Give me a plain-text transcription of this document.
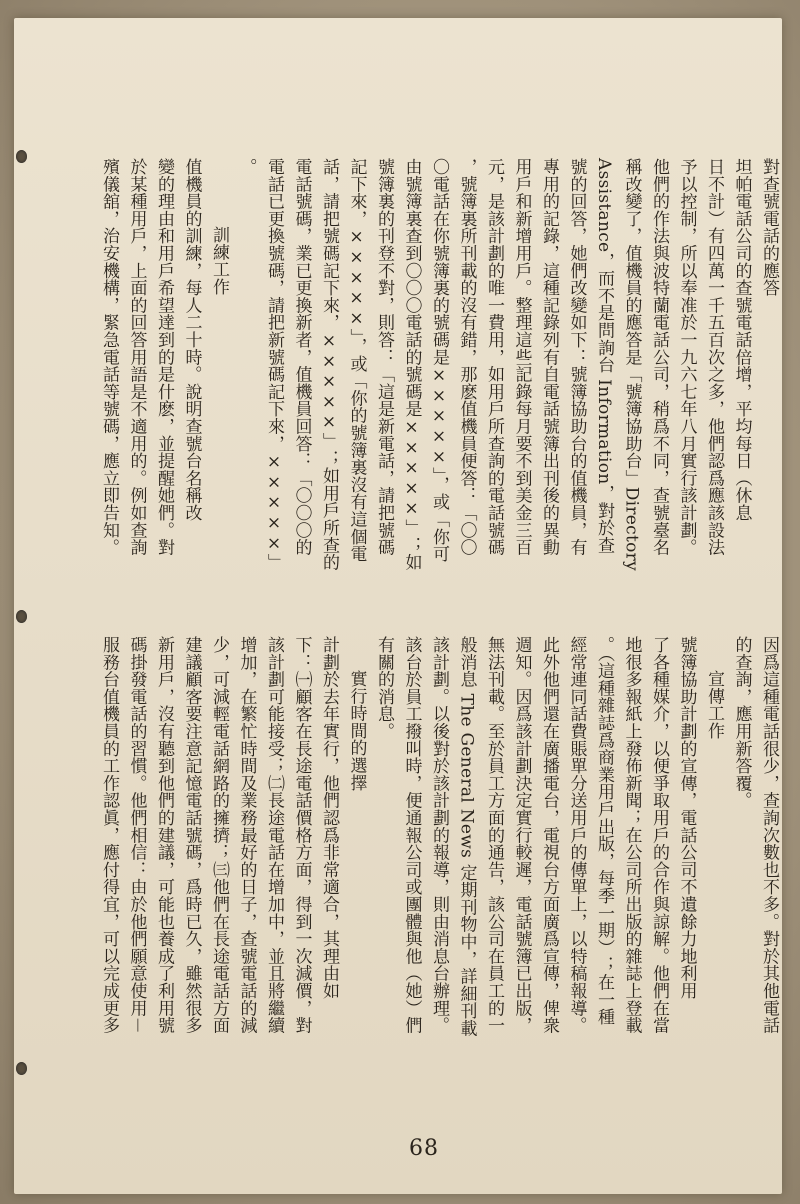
對查號電話的應答
坦帕電話公司的查號電話倍增，平均每日（休息
日不計）有四萬一千五百次之多，他們認爲應該設法
予以控制，所以奉准於一九六七年八月實行該計劃。
他們的作法與波特蘭電話公司，稍爲不同，查號臺名
稱改變了，值機員的應答是「號簿協助台」Directory
Assistance，而不是問詢台 Information，對於查
號的回答，她們改變如下：號簿協助台的值機員，有
專用的記錄，這種記錄列有自電話號簿出刊後的異動
用戶和新增用戶。整理這些記錄每月要不到美金三百
元，是該計劃的唯一費用，如用戶所查詢的電話號碼
，號簿裏所刊載的沒有錯，那麽值機員便答：「〇〇
〇電話在你號簿裏的號碼是×××××」，或「你可
由號簿裏查到〇〇〇電話的號碼是×××××」；如
號簿裏的刊登不對，則答：「這是新電話，請把號碼
記下來，×××××」，或「你的號簿裏沒有這個電
話，請把號碼記下來，×××××」；如用戶所查的
電話號碼，業已更換新者，值機員回答：「〇〇〇的
電話已更換號碼，請把新號碼記下來，×××××」
。
訓練工作
值機員的訓練，每人二十時。說明查號台名稱改
變的理由和用戶希望達到的是什麽，並提醒她們。對
於某種用戶，上面的回答用語是不適用的。例如查詢
殯儀舘，治安機構，緊急電話等號碼，應立即告知。
因爲這種電話很少，查詢次數也不多。對於其他電話
的查詢，應用新答覆。
宣傳工作
號簿協助計劃的宣傳，電話公司不遺餘力地利用
了各種媒介，以便爭取用戶的合作與諒解。他們在當
地很多報紙上發佈新聞；在公司所出版的雜誌上登載
。（這種雜誌爲商業用戶出版，每季一期）；在一種
經常連同話費賬單分送用戶的傳單上，以特稿報導。
此外他們還在廣播電台，電視台方面廣爲宣傳，俾衆
週知。因爲該計劃決定實行較遲，電話號簿已出版，
無法刊載。至於員工方面的通告，該公司在員工的一
般消息 The General News 定期刊物中，詳細刊載
該計劃。以後對於該計劃的報導，則由消息台辦理。
該台於員工撥叫時，便通報公司或團體與他（她）們
有關的消息。
實行時間的選擇
計劃於去年實行，他們認爲非常適合，其理由如
下：㈠顧客在長途電話價格方面，得到一次減價，對
該計劃可能接受；㈡長途電話在增加中，並且將繼續
增加，在繁忙時間及業務最好的日子，查號電話的減
少，可減輕電話網路的擁擠；㈢他們在長途電話方面
建議顧客要注意記憶電話號碼，爲時已久，雖然很多
新用戶，沒有聽到他們的建議，可能也養成了利用號
碼掛發電話的習慣。他們相信：由於他們願意使用－
服務台值機員的工作認眞，應付得宜，可以完成更多
68
